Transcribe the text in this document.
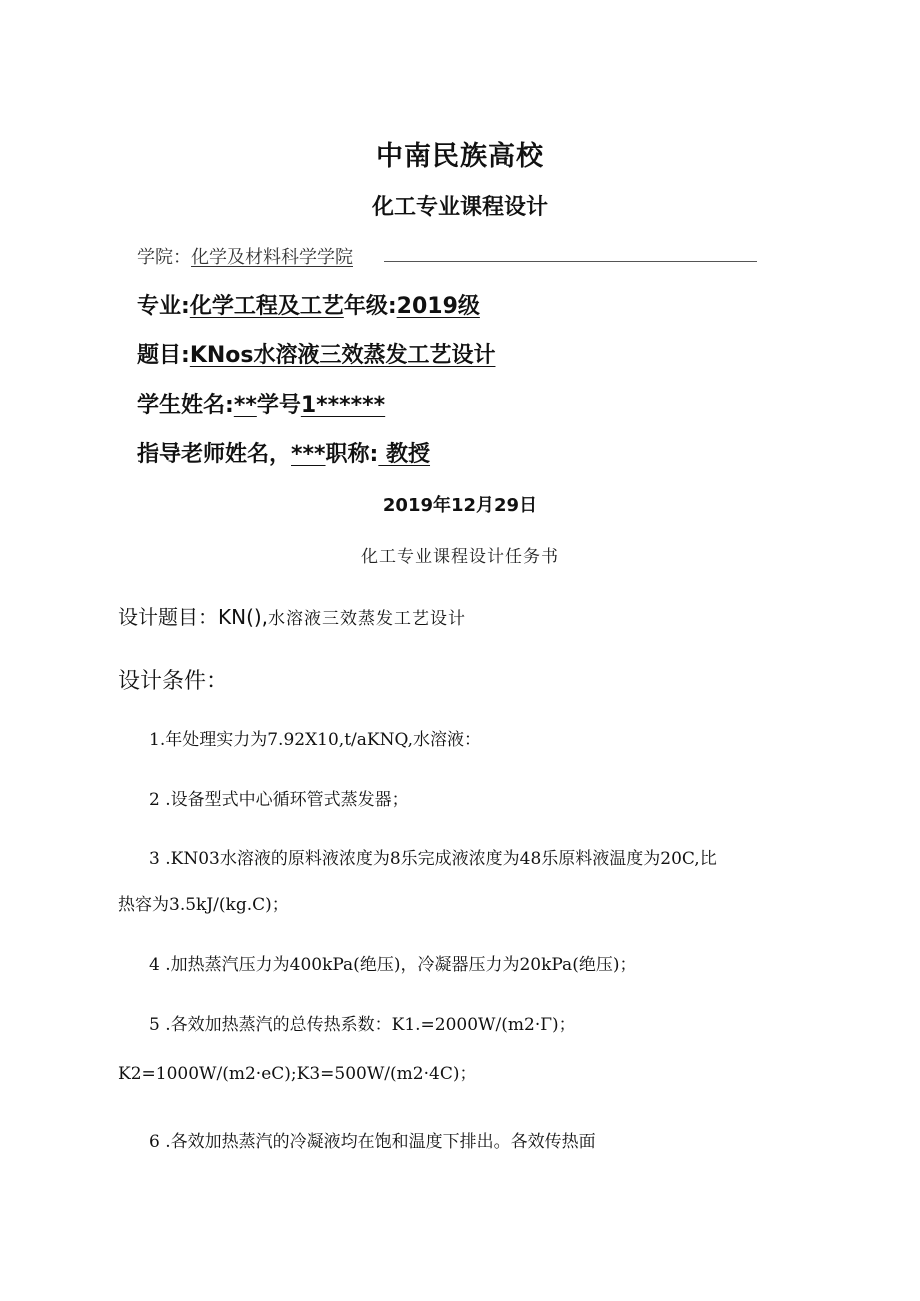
中南民族高校
化工专业课程设计
学院：化学及材料科学学院
专业:化学工程及工艺年级:2019级
题目:KNos水溶液三效蒸发工艺设计
学生姓名:**学号1******
指导老师姓名，***职称: 教授
2019年12月29日
化工专业课程设计任务书
设计题目：KN(),水溶液三效蒸发工艺设计
设计条件：
1.年处理实力为7.92X10,t/aKNQ,水溶液：
2 .设备型式中心循环管式蒸发器；
3 .KN03水溶液的原料液浓度为8乐完成液浓度为48乐原料液温度为20C,比
热容为3.5kJ/(kg.C)；
4 .加热蒸汽压力为400kPa(绝压)，冷凝器压力为20kPa(绝压)；
5 .各效加热蒸汽的总传热系数：K1.=2000W/(m2·Γ)；
K2=1000W/(m2·eC);K3=500W/(m2·4C)；
6 .各效加热蒸汽的冷凝液均在饱和温度下排出。各效传热面
